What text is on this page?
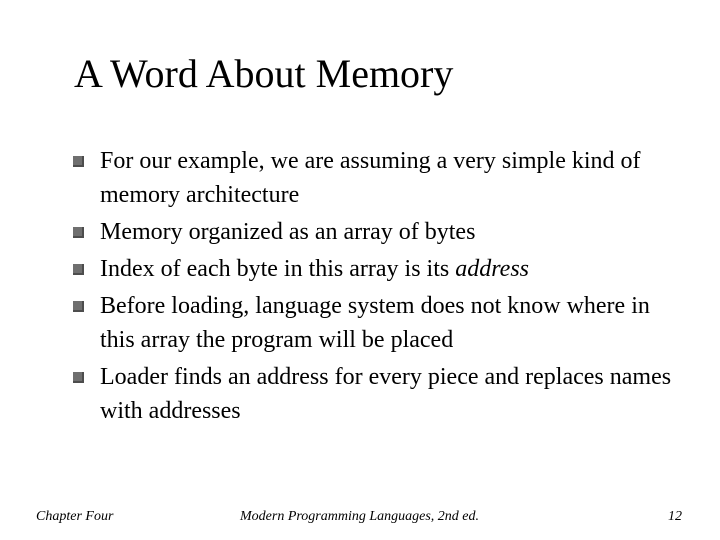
A Word About Memory
For our example, we are assuming a very simple kind of memory architecture
Memory organized as an array of bytes
Index of each byte in this array is its address
Before loading, language system does not know where in this array the program will be placed
Loader finds an address for every piece and replaces names with addresses
Chapter Four	Modern Programming Languages, 2nd ed.	12
